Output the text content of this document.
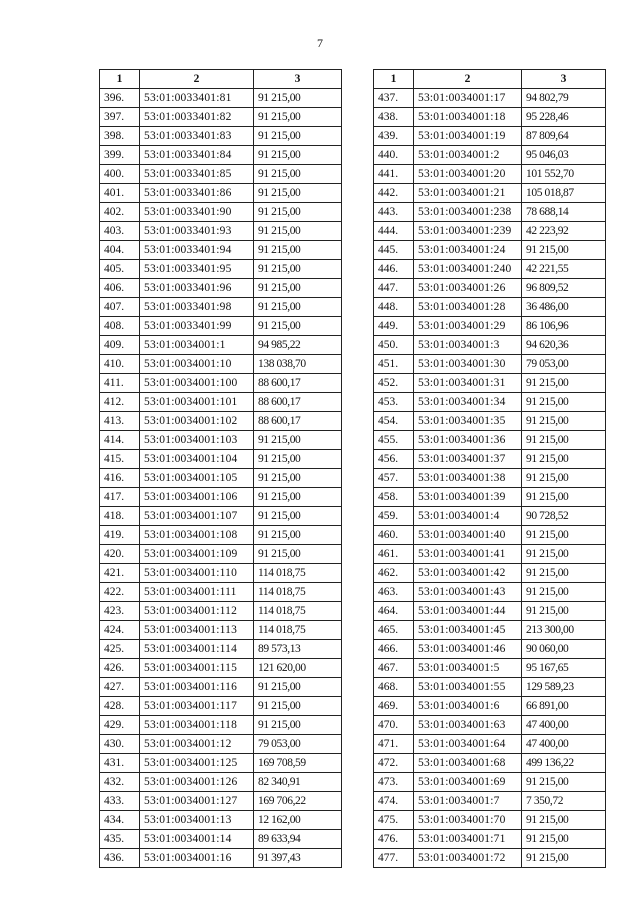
7
1	2	3
396.	53:01:0033401:81	91 215,00
397.	53:01:0033401:82	91 215,00
398.	53:01:0033401:83	91 215,00
399.	53:01:0033401:84	91 215,00
400.	53:01:0033401:85	91 215,00
401.	53:01:0033401:86	91 215,00
402.	53:01:0033401:90	91 215,00
403.	53:01:0033401:93	91 215,00
404.	53:01:0033401:94	91 215,00
405.	53:01:0033401:95	91 215,00
406.	53:01:0033401:96	91 215,00
407.	53:01:0033401:98	91 215,00
408.	53:01:0033401:99	91 215,00
409.	53:01:0034001:1	94 985,22
410.	53:01:0034001:10	138 038,70
411.	53:01:0034001:100	88 600,17
412.	53:01:0034001:101	88 600,17
413.	53:01:0034001:102	88 600,17
414.	53:01:0034001:103	91 215,00
415.	53:01:0034001:104	91 215,00
416.	53:01:0034001:105	91 215,00
417.	53:01:0034001:106	91 215,00
418.	53:01:0034001:107	91 215,00
419.	53:01:0034001:108	91 215,00
420.	53:01:0034001:109	91 215,00
421.	53:01:0034001:110	114 018,75
422.	53:01:0034001:111	114 018,75
423.	53:01:0034001:112	114 018,75
424.	53:01:0034001:113	114 018,75
425.	53:01:0034001:114	89 573,13
426.	53:01:0034001:115	121 620,00
427.	53:01:0034001:116	91 215,00
428.	53:01:0034001:117	91 215,00
429.	53:01:0034001:118	91 215,00
430.	53:01:0034001:12	79 053,00
431.	53:01:0034001:125	169 708,59
432.	53:01:0034001:126	82 340,91
433.	53:01:0034001:127	169 706,22
434.	53:01:0034001:13	12 162,00
435.	53:01:0034001:14	89 633,94
436.	53:01:0034001:16	91 397,43
1	2	3
437.	53:01:0034001:17	94 802,79
438.	53:01:0034001:18	95 228,46
439.	53:01:0034001:19	87 809,64
440.	53:01:0034001:2	95 046,03
441.	53:01:0034001:20	101 552,70
442.	53:01:0034001:21	105 018,87
443.	53:01:0034001:238	78 688,14
444.	53:01:0034001:239	42 223,92
445.	53:01:0034001:24	91 215,00
446.	53:01:0034001:240	42 221,55
447.	53:01:0034001:26	96 809,52
448.	53:01:0034001:28	36 486,00
449.	53:01:0034001:29	86 106,96
450.	53:01:0034001:3	94 620,36
451.	53:01:0034001:30	79 053,00
452.	53:01:0034001:31	91 215,00
453.	53:01:0034001:34	91 215,00
454.	53:01:0034001:35	91 215,00
455.	53:01:0034001:36	91 215,00
456.	53:01:0034001:37	91 215,00
457.	53:01:0034001:38	91 215,00
458.	53:01:0034001:39	91 215,00
459.	53:01:0034001:4	90 728,52
460.	53:01:0034001:40	91 215,00
461.	53:01:0034001:41	91 215,00
462.	53:01:0034001:42	91 215,00
463.	53:01:0034001:43	91 215,00
464.	53:01:0034001:44	91 215,00
465.	53:01:0034001:45	213 300,00
466.	53:01:0034001:46	90 060,00
467.	53:01:0034001:5	95 167,65
468.	53:01:0034001:55	129 589,23
469.	53:01:0034001:6	66 891,00
470.	53:01:0034001:63	47 400,00
471.	53:01:0034001:64	47 400,00
472.	53:01:0034001:68	499 136,22
473.	53:01:0034001:69	91 215,00
474.	53:01:0034001:7	7 350,72
475.	53:01:0034001:70	91 215,00
476.	53:01:0034001:71	91 215,00
477.	53:01:0034001:72	91 215,00
